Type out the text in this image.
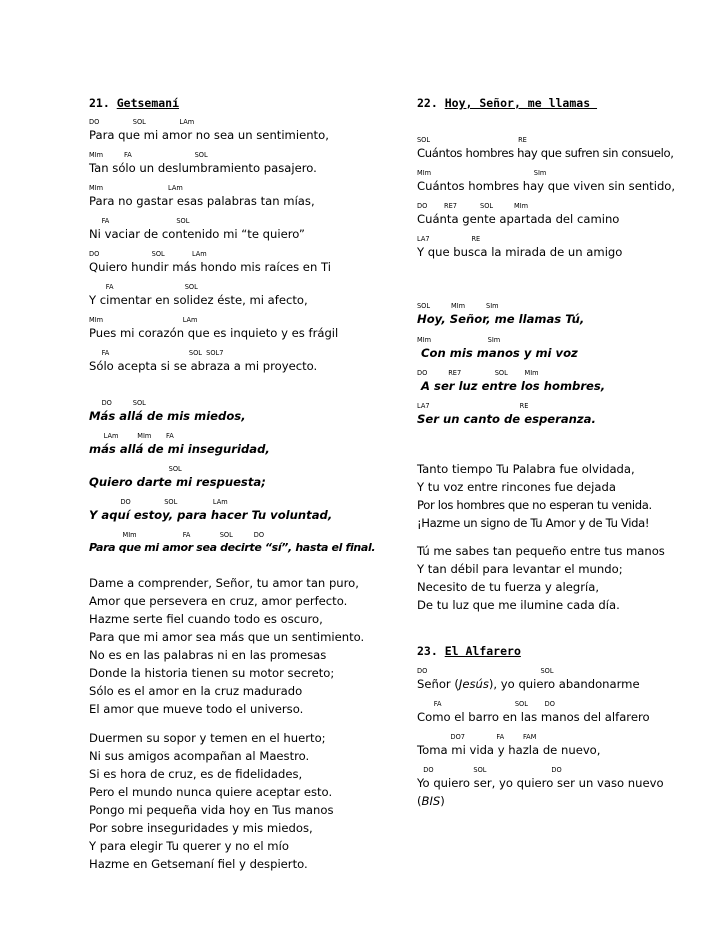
21. Getsemaní
DO                SOL                LAm
Para que mi amor no sea un sentimiento,
MIm          FA                              SOL
Tan sólo un deslumbramiento pasajero.
MIm                               LAm
Para no gastar esas palabras tan mías,
FA                                SOL
Ni vaciar de contenido mi “te quiero”
DO                         SOL             LAm
Quiero hundir más hondo mis raíces en Ti
FA                                  SOL
Y cimentar en solidez éste, mi afecto,
MIm                                      LAm
Pues mi corazón que es inquieto y es frágil
FA                                      SOL  SOL7
Sólo acepta si se abraza a mi proyecto.
DO          SOL
Más allá de mis miedos,
LAm         MIm       FA
más allá de mi inseguridad,
SOL
Quiero darte mi respuesta;
DO                SOL                 LAm
Y aquí estoy, para hacer Tu voluntad,
MIm                      FA              SOL          DO
Para que mi amor sea decirte “sí”, hasta el final.
Dame a comprender, Señor, tu amor tan puro,
Amor que persevera en cruz, amor perfecto.
Hazme serte fiel cuando todo es oscuro,
Para que mi amor sea más que un sentimiento.
No es en las palabras ni en las promesas
Donde la historia tienen su motor secreto;
Sólo es el amor en la cruz madurado
El amor que mueve todo el universo.
Duermen su sopor y temen en el huerto;
Ni sus amigos acompañan al Maestro.
Si es hora de cruz, es de fidelidades,
Pero el mundo nunca quiere aceptar esto.
Pongo mi pequeña vida hoy en Tus manos
Por sobre inseguridades y mis miedos,
Y para elegir Tu querer y no el mío
Hazme en Getsemaní fiel y despierto.
22. Hoy, Señor, me llamas
SOL                                          RE
Cuántos hombres hay que sufren sin consuelo,
MIm                                                 SIm
Cuántos hombres hay que viven sin sentido,
DO        RE7           SOL          MIm
Cuánta gente apartada del camino
LA7                    RE
Y que busca la mirada de un amigo
SOL          MIm          SIm
Hoy, Señor, me llamas Tú,
MIm                           SIm
Con mis manos y mi voz
DO          RE7                SOL        MIm
A ser luz entre los hombres,
LA7                                           RE
Ser un canto de esperanza.
Tanto tiempo Tu Palabra fue olvidada,
Y tu voz entre rincones fue dejada
Por los hombres que no esperan tu venida.
¡Hazme un signo de Tu Amor y de Tu Vida!
Tú me sabes tan pequeño entre tus manos
Y tan débil para levantar el mundo;
Necesito de tu fuerza y alegría,
De tu luz que me ilumine cada día.
23. El Alfarero
DO                                                      SOL
Señor (Jesús), yo quiero abandonarme
FA                                   SOL        DO
Como el barro en las manos del alfarero
DO7               FA         FAM
Toma mi vida y hazla de nuevo,
DO                   SOL                               DO
Yo quiero ser, yo quiero ser un vaso nuevo
(BIS)
